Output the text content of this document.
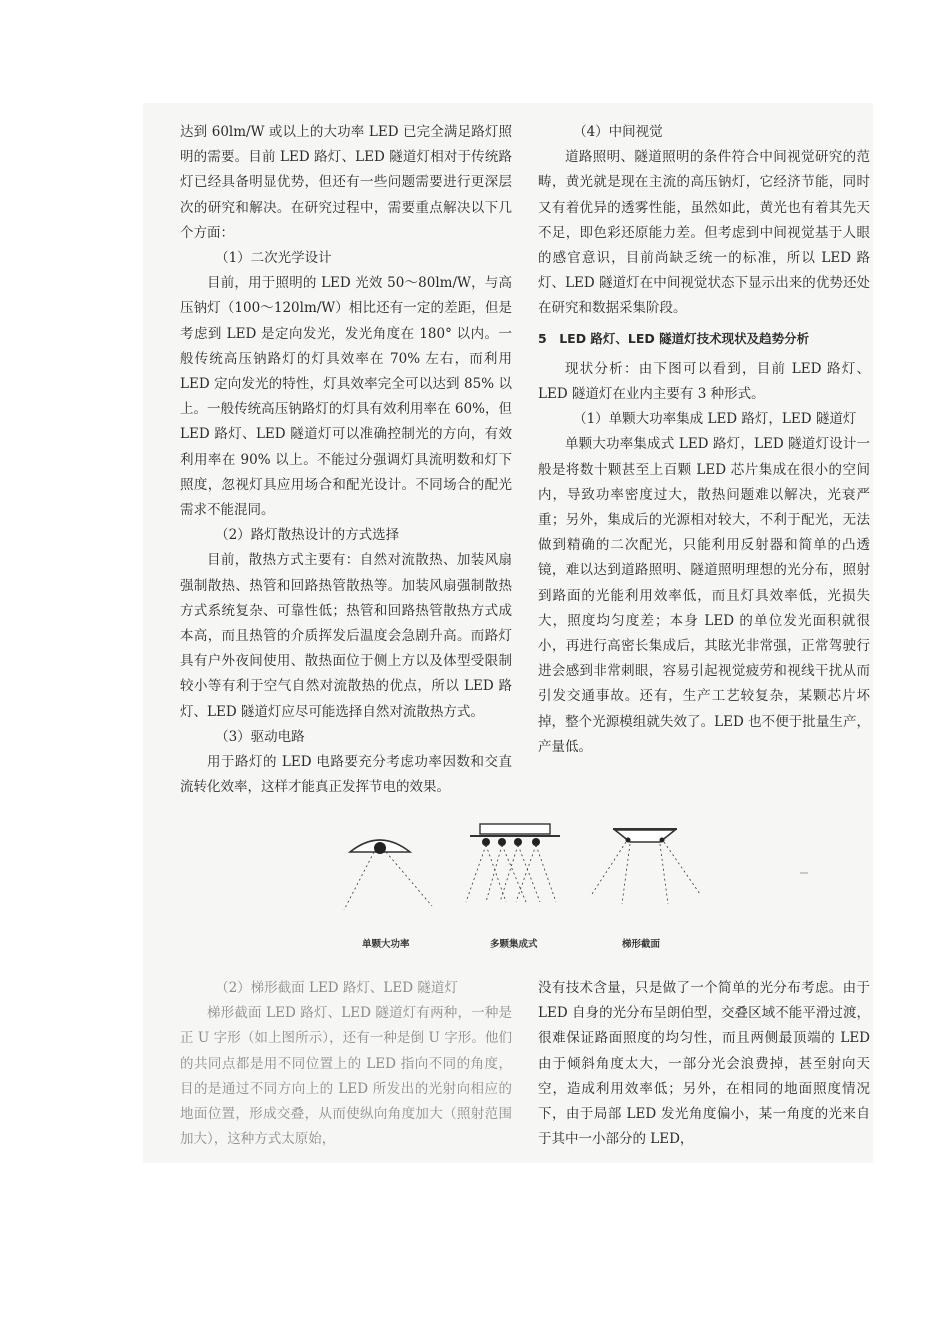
达到 60lm/W 或以上的大功率 LED 已完全满足路灯照明的需要。目前 LED 路灯、LED 隧道灯相对于传统路灯已经具备明显优势，但还有一些问题需要进行更深层次的研究和解决。在研究过程中，需要重点解决以下几个方面：

（1）二次光学设计

目前，用于照明的 LED 光效 50～80lm/W，与高压钠灯（100～120lm/W）相比还有一定的差距，但是考虑到 LED 是定向发光，发光角度在 180° 以内。一般传统高压钠路灯的灯具效率在 70% 左右，而利用 LED 定向发光的特性，灯具效率完全可以达到 85% 以上。一般传统高压钠路灯的灯具有效利用率在 60%，但 LED 路灯、LED 隧道灯可以准确控制光的方向，有效利用率在 90% 以上。不能过分强调灯具流明数和灯下照度，忽视灯具应用场合和配光设计。不同场合的配光需求不能混同。

（2）路灯散热设计的方式选择

目前，散热方式主要有：自然对流散热、加装风扇强制散热、热管和回路热管散热等。加装风扇强制散热方式系统复杂、可靠性低；热管和回路热管散热方式成本高，而且热管的介质挥发后温度会急剧升高。而路灯具有户外夜间使用、散热面位于侧上方以及体型受限制较小等有利于空气自然对流散热的优点，所以 LED 路灯、LED 隧道灯应尽可能选择自然对流散热方式。

（3）驱动电路

用于路灯的 LED 电路要充分考虑功率因数和交直流转化效率，这样才能真正发挥节电的效果。

（4）中间视觉

道路照明、隧道照明的条件符合中间视觉研究的范畴，黄光就是现在主流的高压钠灯，它经济节能，同时又有着优异的透雾性能，虽然如此，黄光也有着其先天不足，即色彩还原能力差。但考虑到中间视觉基于人眼的感官意识，目前尚缺乏统一的标准，所以 LED 路灯、LED 隧道灯在中间视觉状态下显示出来的优势还处在研究和数据采集阶段。

5　LED 路灯、LED 隧道灯技术现状及趋势分析

现状分析：由下图可以看到，目前 LED 路灯、LED 隧道灯在业内主要有 3 种形式。

（1）单颗大功率集成 LED 路灯，LED 隧道灯

单颗大功率集成式 LED 路灯，LED 隧道灯设计一般是将数十颗甚至上百颗 LED 芯片集成在很小的空间内，导致功率密度过大，散热问题难以解决，光衰严重；另外，集成后的光源相对较大，不利于配光，无法做到精确的二次配光，只能利用反射器和简单的凸透镜，难以达到道路照明、隧道照明理想的光分布，照射到路面的光能利用效率低，而且灯具效率低，光损失大，照度均匀度差；本身 LED 的单位发光面积就很小，再进行高密长集成后，其眩光非常强，正常驾驶行进会感到非常刺眼，容易引起视觉疲劳和视线干扰从而引发交通事故。还有，生产工艺较复杂，某颗芯片坏掉，整个光源模组就失效了。LED 也不便于批量生产，产量低。

单颗大功率	多颗集成式	梯形截面

（2）梯形截面 LED 路灯、LED 隧道灯

梯形截面 LED 路灯、LED 隧道灯有两种，一种是正 U 字形（如上图所示），还有一种是倒 U 字形。他们的共同点都是用不同位置上的 LED 指向不同的角度，目的是通过不同方向上的 LED 所发出的光射向相应的地面位置，形成交叠，从而使纵向角度加大（照射范围加大），这种方式太原始，

没有技术含量，只是做了一个简单的光分布考虑。由于 LED 自身的光分布呈朗伯型，交叠区域不能平滑过渡，很难保证路面照度的均匀性，而且两侧最顶端的 LED 由于倾斜角度太大，一部分光会浪费掉，甚至射向天空，造成利用效率低；另外，在相同的地面照度情况下，由于局部 LED 发光角度偏小，某一角度的光来自于其中一小部分的 LED，
